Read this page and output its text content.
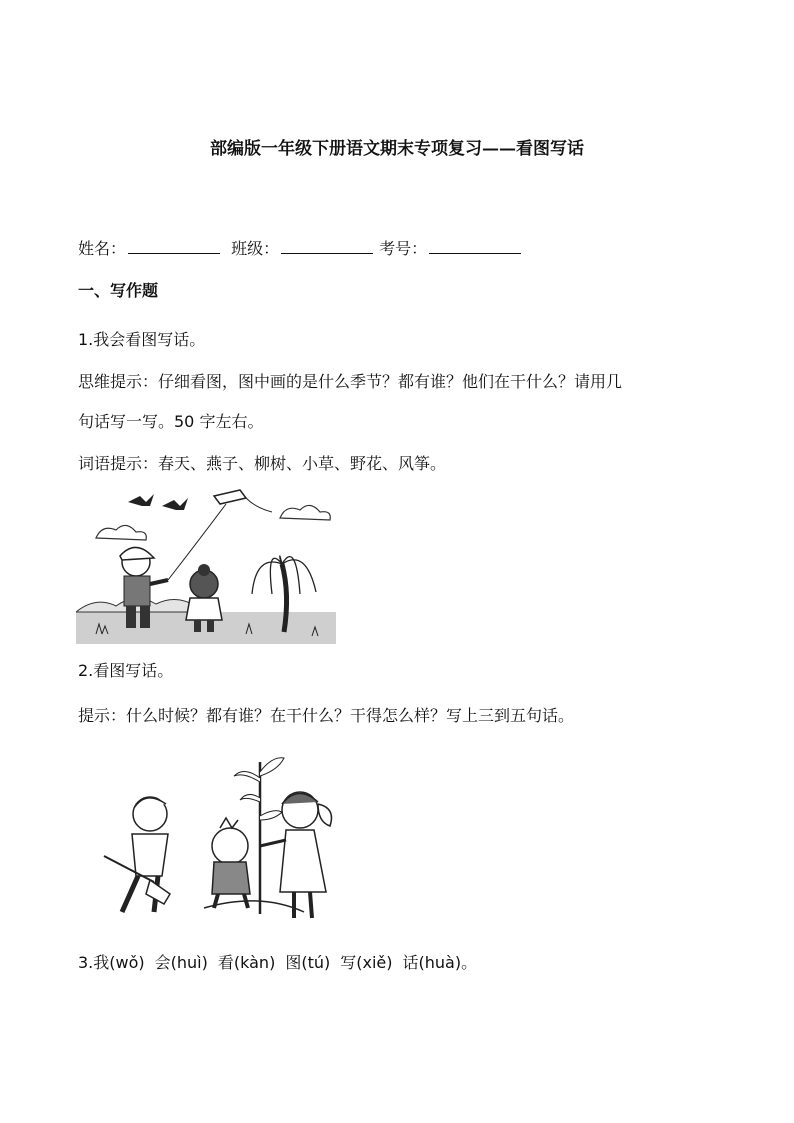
部编版一年级下册语文期末专项复习——看图写话
姓名：	班级：	考号：
一、写作题
1.我会看图写话。
思维提示：仔细看图，图中画的是什么季节？都有谁？他们在干什么？请用几
句话写一写。50 字左右。
词语提示：春天、燕子、柳树、小草、野花、风筝。
2.看图写话。
提示：什么时候？都有谁？在干什么？干得怎么样？写上三到五句话。
3.我(wǒ) 会(huì) 看(kàn) 图(tú) 写(xiě) 话(huà)。
